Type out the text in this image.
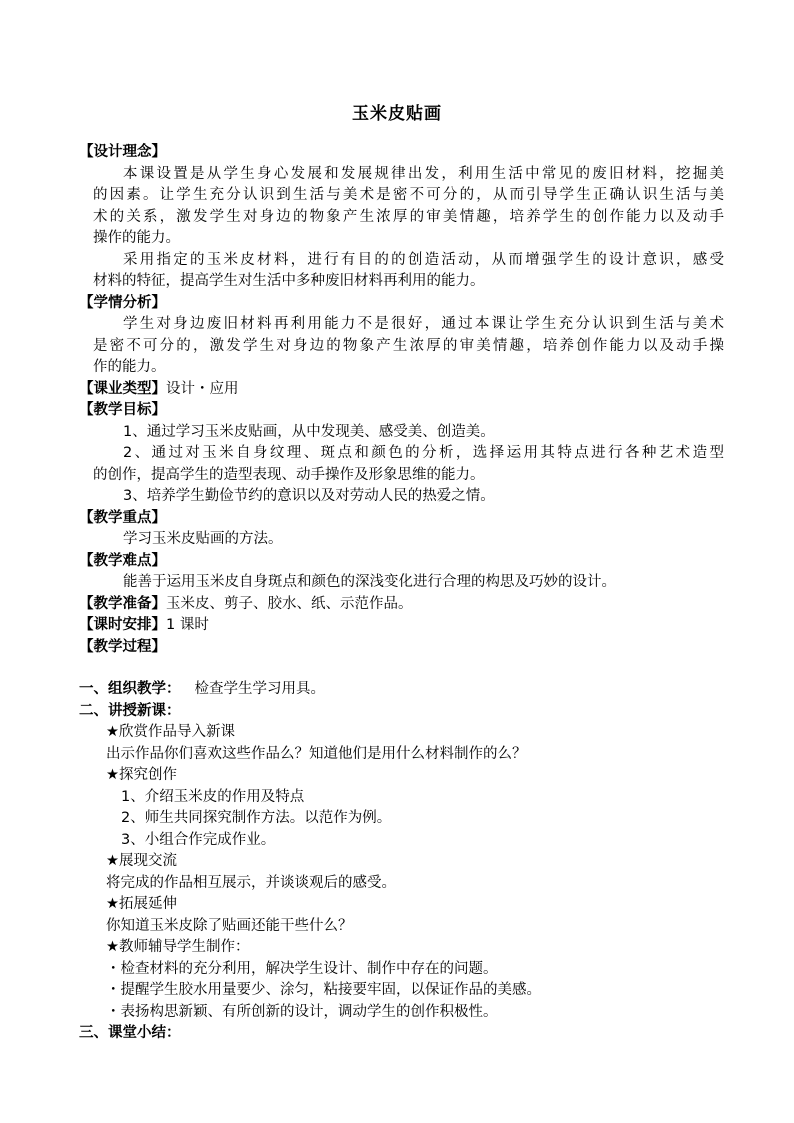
玉米皮贴画
【设计理念】
本课设置是从学生身心发展和发展规律出发，利用生活中常见的废旧材料，挖掘美
的因素。让学生充分认识到生活与美术是密不可分的，从而引导学生正确认识生活与美
术的关系，激发学生对身边的物象产生浓厚的审美情趣，培养学生的创作能力以及动手
操作的能力。
采用指定的玉米皮材料，进行有目的的创造活动，从而增强学生的设计意识，感受
材料的特征，提高学生对生活中多种废旧材料再利用的能力。
【学情分析】
学生对身边废旧材料再利用能力不是很好，通过本课让学生充分认识到生活与美术
是密不可分的，激发学生对身边的物象产生浓厚的审美情趣，培养创作能力以及动手操
作的能力。
【课业类型】设计・应用
【教学目标】
1、通过学习玉米皮贴画，从中发现美、感受美、创造美。
2、通过对玉米自身纹理、斑点和颜色的分析，选择运用其特点进行各种艺术造型
的创作，提高学生的造型表现、动手操作及形象思维的能力。
3、培养学生勤俭节约的意识以及对劳动人民的热爱之情。
【教学重点】
学习玉米皮贴画的方法。
【教学难点】
能善于运用玉米皮自身斑点和颜色的深浅变化进行合理的构思及巧妙的设计。
【教学准备】玉米皮、剪子、胶水、纸、示范作品。
【课时安排】1 课时
【教学过程】
一、组织教学： 检查学生学习用具。
二、讲授新课：
★欣赏作品导入新课
出示作品你们喜欢这些作品么？知道他们是用什么材料制作的么？
★探究创作
1、介绍玉米皮的作用及特点
2、师生共同探究制作方法。以范作为例。
3、小组合作完成作业。
★展现交流
将完成的作品相互展示，并谈谈观后的感受。
★拓展延伸
你知道玉米皮除了贴画还能干些什么？
★教师辅导学生制作：
・检查材料的充分利用，解决学生设计、制作中存在的问题。
・提醒学生胶水用量要少、涂匀，粘接要牢固，以保证作品的美感。
・表扬构思新颖、有所创新的设计，调动学生的创作积极性。
三、课堂小结：
